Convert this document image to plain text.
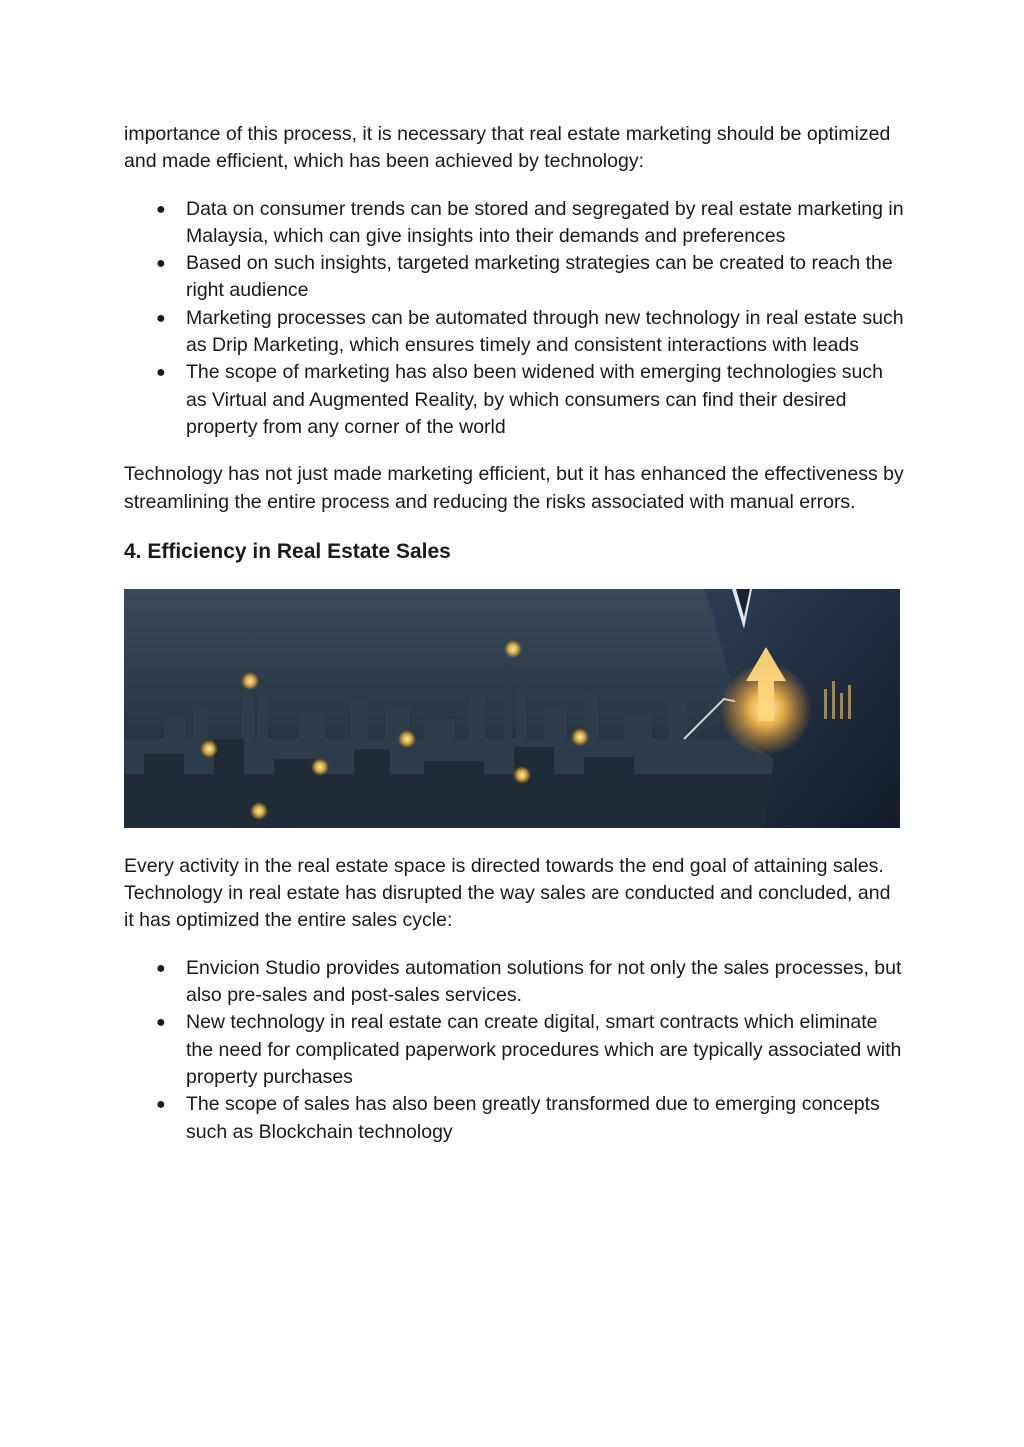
importance of this process, it is necessary that real estate marketing should be optimized and made efficient, which has been achieved by technology:

● Data on consumer trends can be stored and segregated by real estate marketing in Malaysia, which can give insights into their demands and preferences
● Based on such insights, targeted marketing strategies can be created to reach the right audience
● Marketing processes can be automated through new technology in real estate such as Drip Marketing, which ensures timely and consistent interactions with leads
● The scope of marketing has also been widened with emerging technologies such as Virtual and Augmented Reality, by which consumers can find their desired property from any corner of the world

Technology has not just made marketing efficient, but it has enhanced the effectiveness by streamlining the entire process and reducing the risks associated with manual errors.

4. Efficiency in Real Estate Sales

Every activity in the real estate space is directed towards the end goal of attaining sales. Technology in real estate has disrupted the way sales are conducted and concluded, and it has optimized the entire sales cycle:

● Envicion Studio provides automation solutions for not only the sales processes, but also pre-sales and post-sales services.
● New technology in real estate can create digital, smart contracts which eliminate the need for complicated paperwork procedures which are typically associated with property purchases
● The scope of sales has also been greatly transformed due to emerging concepts such as Blockchain technology
